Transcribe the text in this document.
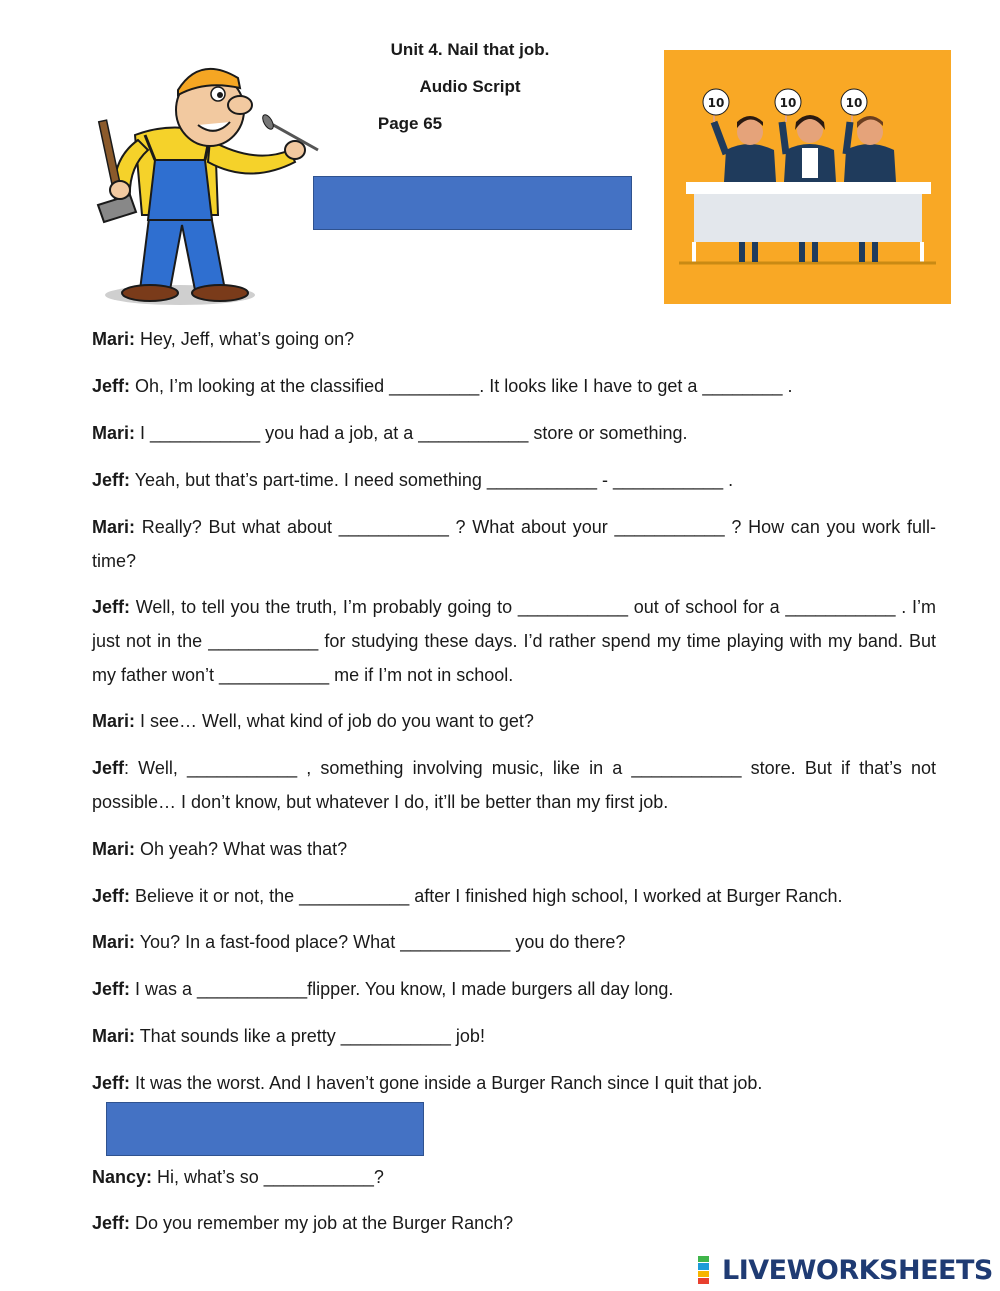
Unit 4. Nail that job.
Audio Script
Page 65
10	10	10
Mari: Hey, Jeff, what’s going on?
Jeff: Oh, I’m looking at the classified _________. It looks like I have to get a ________ .
Mari: I ___________ you had a job, at a ___________ store or something.
Jeff: Yeah, but that’s part-time. I need something ___________ - ___________ .
Mari: Really? But what about ___________ ? What about your ___________ ? How can you work full-time?
Jeff: Well, to tell you the truth, I’m probably going to ___________ out of school for a ___________ . I’m just not in the ___________ for studying these days. I’d rather spend my time playing with my band. But my father won’t ___________ me if I’m not in school.
Mari: I see… Well, what kind of job do you want to get?
Jeff: Well, ___________ , something involving music, like in a ___________ store. But if that’s not possible… I don’t know, but whatever I do, it’ll be better than my first job.
Mari: Oh yeah? What was that?
Jeff: Believe it or not, the ___________ after I finished high school, I worked at Burger Ranch.
Mari: You? In a fast-food place? What ___________ you do there?
Jeff: I was a ___________flipper. You know, I made burgers all day long.
Mari: That sounds like a pretty ___________ job!
Jeff: It was the worst. And I haven’t gone inside a Burger Ranch since I quit that job.
Nancy: Hi, what’s so ___________?
Jeff: Do you remember my job at the Burger Ranch?
LIVEWORKSHEETS
